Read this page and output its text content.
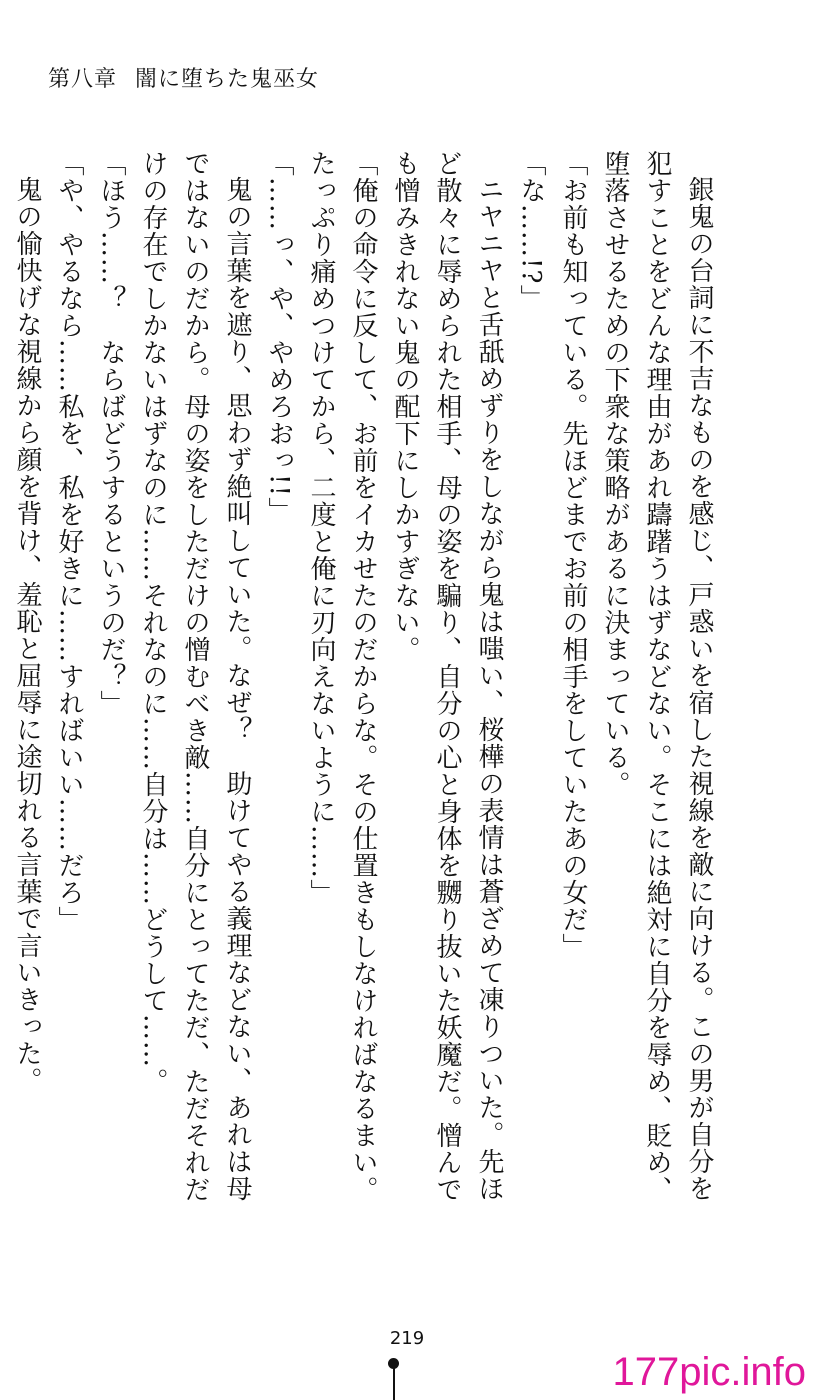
第八章 闇に堕ちた鬼巫女

銀鬼の台詞に不吉なものを感じ、戸惑いを宿した視線を敵に向ける。この男が自分を犯すことをどんな理由があれ躊躇うはずなどない。そこには絶対に自分を辱め、貶め、堕落させるための下衆な策略があるに決まっている。

「お前も知っている。先ほどまでお前の相手をしていたあの女だ」

「な……!?」

ニヤニヤと舌舐めずりをしながら鬼は嗤い、桜樺の表情は蒼ざめて凍りついた。先ほど散々に辱められた相手、母の姿を騙り、自分の心と身体を嬲り抜いた妖魔だ。憎んでも憎みきれない鬼の配下にしかすぎない。

「俺の命令に反して、お前をイカせたのだからな。その仕置きもしなければなるまい。たっぷり痛めつけてから、二度と俺に刃向えないように……」

「……っ、や、やめろおっ!!」

鬼の言葉を遮り、思わず絶叫していた。なぜ？　助けてやる義理などない、あれは母ではないのだから。母の姿をしただけの憎むべき敵……自分にとってただ、ただそれだけの存在でしかないはずなのに……それなのに……自分は……どうして……。

「ほう……？　ならばどうするというのだ？」

「や、やるなら……私を、私を好きに……すればいい……だろ」

鬼の愉快げな視線から顔を背け、羞恥と屈辱に途切れる言葉で言いきった。

219
177pic.info
